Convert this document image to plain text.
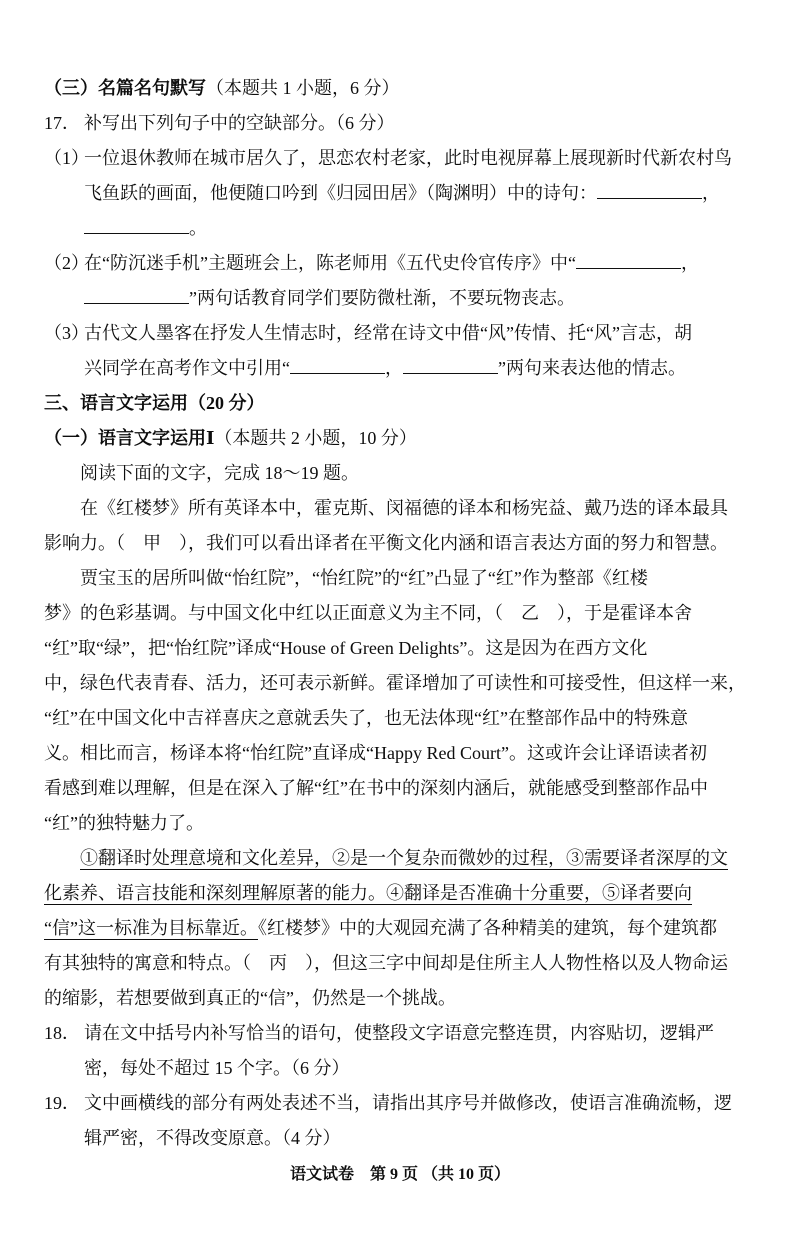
（三）名篇名句默写（本题共 1 小题，6 分）
17． 补写出下列句子中的空缺部分。（6 分）
（1）一位退休教师在城市居久了，思恋农村老家，此时电视屏幕上展现新时代新农村鸟
飞鱼跃的画面，他便随口吟到《归园田居》（陶渊明）中的诗句：	，
。
（2）在“防沉迷手机”主题班会上，陈老师用《五代史伶官传序》中“	，
”两句话教育同学们要防微杜渐，不要玩物丧志。
（3）古代文人墨客在抒发人生情志时，经常在诗文中借“风”传情、托“风”言志，胡
兴同学在高考作文中引用“	，	”两句来表达他的情志。
三、语言文字运用（20 分）
（一）语言文字运用Ⅰ（本题共 2 小题，10 分）
阅读下面的文字，完成 18～19 题。
在《红楼梦》所有英译本中，霍克斯、闵福德的译本和杨宪益、戴乃迭的译本最具
影响力。（　甲　），我们可以看出译者在平衡文化内涵和语言表达方面的努力和智慧。
贾宝玉的居所叫做“怡红院”，“怡红院”的“红”凸显了“红”作为整部《红楼
梦》的色彩基调。与中国文化中红以正面意义为主不同，（　乙　），于是霍译本舍
“红”取“绿”，把“怡红院”译成“House of Green Delights”。这是因为在西方文化
中，绿色代表青春、活力，还可表示新鲜。霍译增加了可读性和可接受性，但这样一来，
“红”在中国文化中吉祥喜庆之意就丢失了，也无法体现“红”在整部作品中的特殊意
义。相比而言，杨译本将“怡红院”直译成“Happy Red Court”。这或许会让译语读者初
看感到难以理解，但是在深入了解“红”在书中的深刻内涵后，就能感受到整部作品中
“红”的独特魅力了。
①翻译时处理意境和文化差异，②是一个复杂而微妙的过程，③需要译者深厚的文
化素养、语言技能和深刻理解原著的能力。④翻译是否准确十分重要，⑤译者要向
“信”这一标准为目标靠近。《红楼梦》中的大观园充满了各种精美的建筑，每个建筑都
有其独特的寓意和特点。（　丙　），但这三字中间却是住所主人人物性格以及人物命运
的缩影，若想要做到真正的“信”，仍然是一个挑战。
18． 请在文中括号内补写恰当的语句，使整段文字语意完整连贯，内容贴切，逻辑严
密，每处不超过 15 个字。（6 分）
19． 文中画横线的部分有两处表述不当，请指出其序号并做修改，使语言准确流畅，逻
辑严密，不得改变原意。（4 分）
语文试卷　第 9 页 （共 10 页）
